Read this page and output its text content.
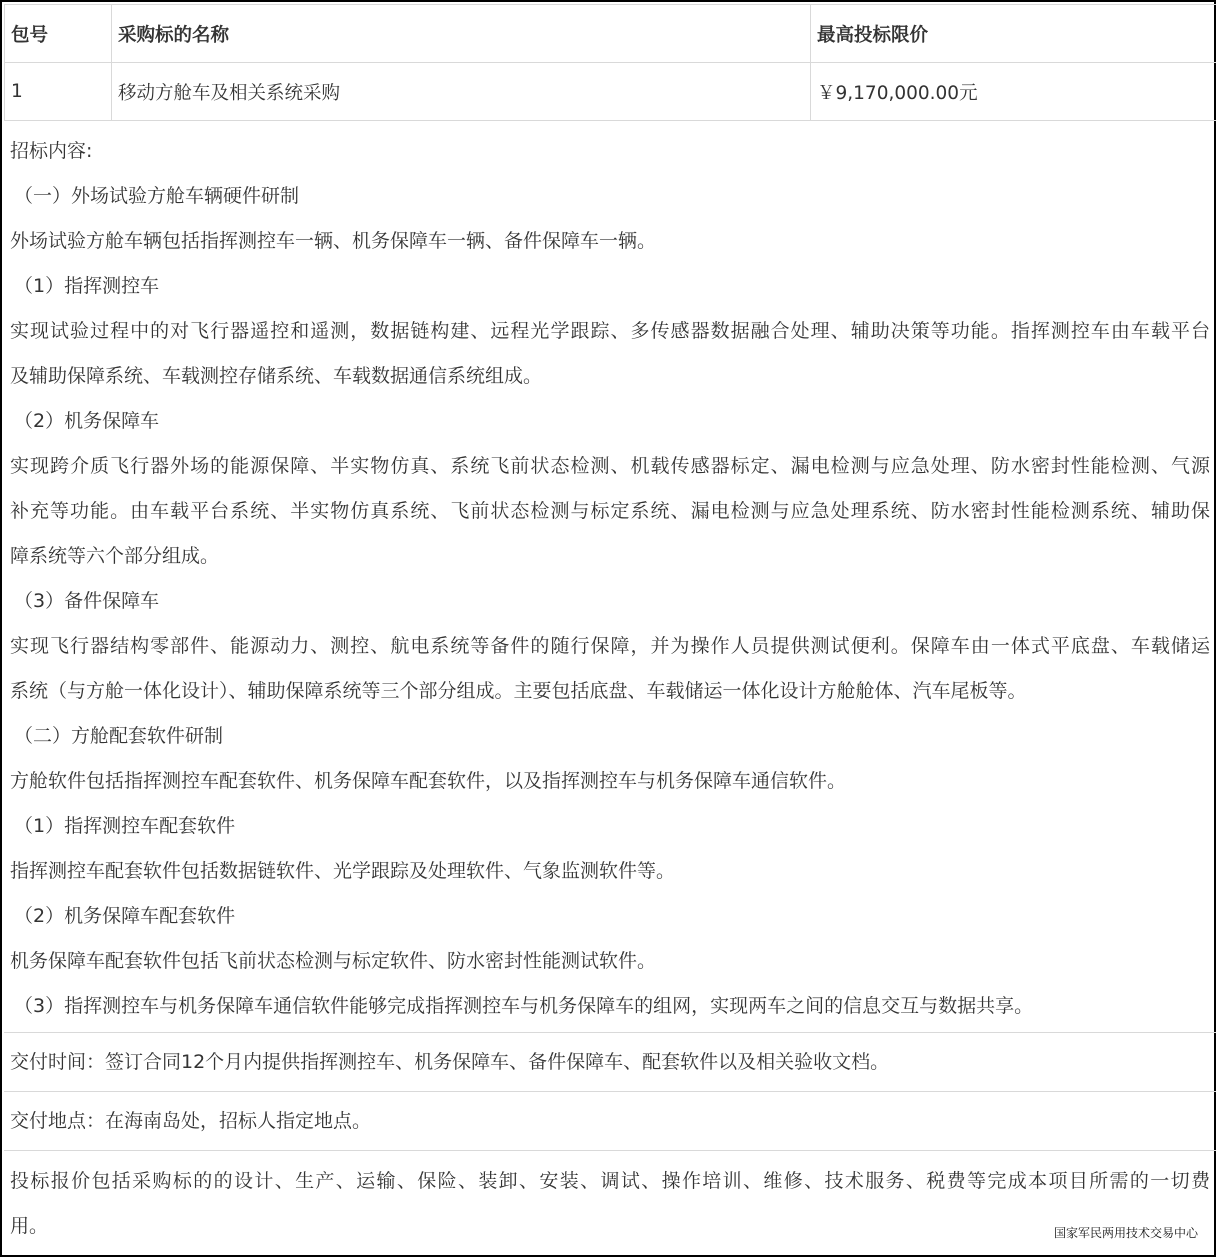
包号	采购标的名称	最高投标限价
1	移动方舱车及相关系统采购	￥9,170,000.00元
招标内容:
（一）外场试验方舱车辆硬件研制
外场试验方舱车辆包括指挥测控车一辆、机务保障车一辆、备件保障车一辆。
（1）指挥测控车
实现试验过程中的对飞行器遥控和遥测，数据链构建、远程光学跟踪、多传感器数据融合处理、辅助决策等功能。指挥测控车由车载平台
及辅助保障系统、车载测控存储系统、车载数据通信系统组成。
（2）机务保障车
实现跨介质飞行器外场的能源保障、半实物仿真、系统飞前状态检测、机载传感器标定、漏电检测与应急处理、防水密封性能检测、气源
补充等功能。由车载平台系统、半实物仿真系统、飞前状态检测与标定系统、漏电检测与应急处理系统、防水密封性能检测系统、辅助保
障系统等六个部分组成。
（3）备件保障车
实现飞行器结构零部件、能源动力、测控、航电系统等备件的随行保障，并为操作人员提供测试便利。保障车由一体式平底盘、车载储运
系统（与方舱一体化设计）、辅助保障系统等三个部分组成。主要包括底盘、车载储运一体化设计方舱舱体、汽车尾板等。
（二）方舱配套软件研制
方舱软件包括指挥测控车配套软件、机务保障车配套软件，以及指挥测控车与机务保障车通信软件。
（1）指挥测控车配套软件
指挥测控车配套软件包括数据链软件、光学跟踪及处理软件、气象监测软件等。
（2）机务保障车配套软件
机务保障车配套软件包括飞前状态检测与标定软件、防水密封性能测试软件。
（3）指挥测控车与机务保障车通信软件能够完成指挥测控车与机务保障车的组网，实现两车之间的信息交互与数据共享。
交付时间：签订合同12个月内提供指挥测控车、机务保障车、备件保障车、配套软件以及相关验收文档。
交付地点：在海南岛处，招标人指定地点。
投标报价包括采购标的的设计、生产、运输、保险、装卸、安装、调试、操作培训、维修、技术服务、税费等完成本项目所需的一切费
用。	国家军民两用技术交易中心
